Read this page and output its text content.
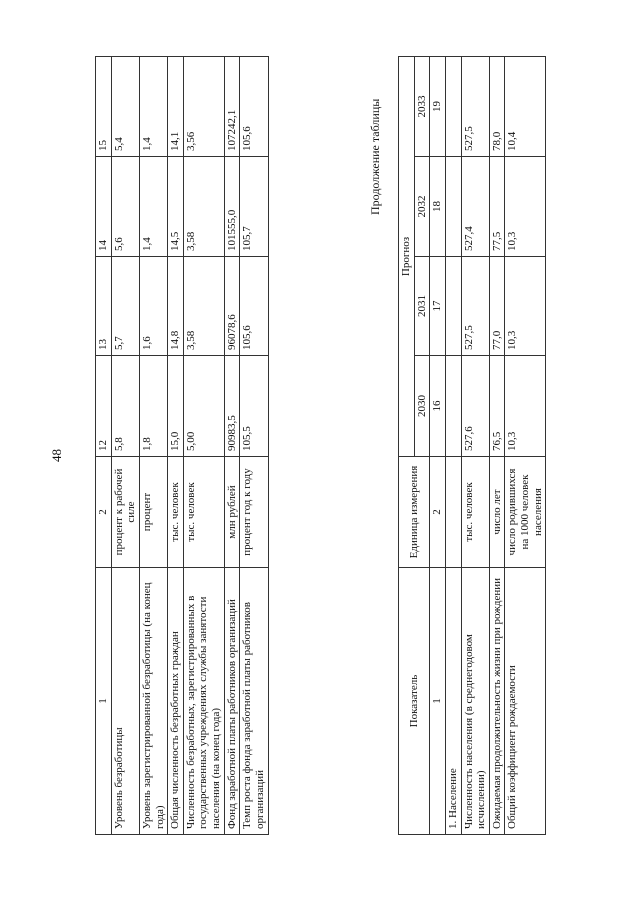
48
1	2	12	13	14	15
Уровень безработицы	процент к рабочей силе	5,8	5,7	5,6	5,4
Уровень зарегистрированной безработицы (на конец года)	процент	1,8	1,6	1,4	1,4
Общая численность безработных граждан	тыс. человек	15,0	14,8	14,5	14,1
Численность безработных, зарегистрированных в государственных учреждениях службы занятости населения (на конец года)	тыс. человек	5,00	3,58	3,58	3,56
Фонд заработной платы работников организаций	млн рублей	90983,5	96078,6	101555,0	107242,1
Темп роста фонда заработной платы работников организаций	процент год к году	105,5	105,6	105,7	105,6	Продолжение таблицы
Показатель	Единица измерения	Прогноз			
		2030	2031	2032	2033
1	2	16	17	18	19
1. Население					
Численность населения (в среднегодовом исчислении)	тыс. человек	527,6	527,5	527,4	527,5
Ожидаемая продолжительность жизни при рождении	число лет	76,5	77,0	77,5	78,0
Общий коэффициент рождаемости	число родившихся на 1000 человек населения	10,3	10,3	10,3	10,4
